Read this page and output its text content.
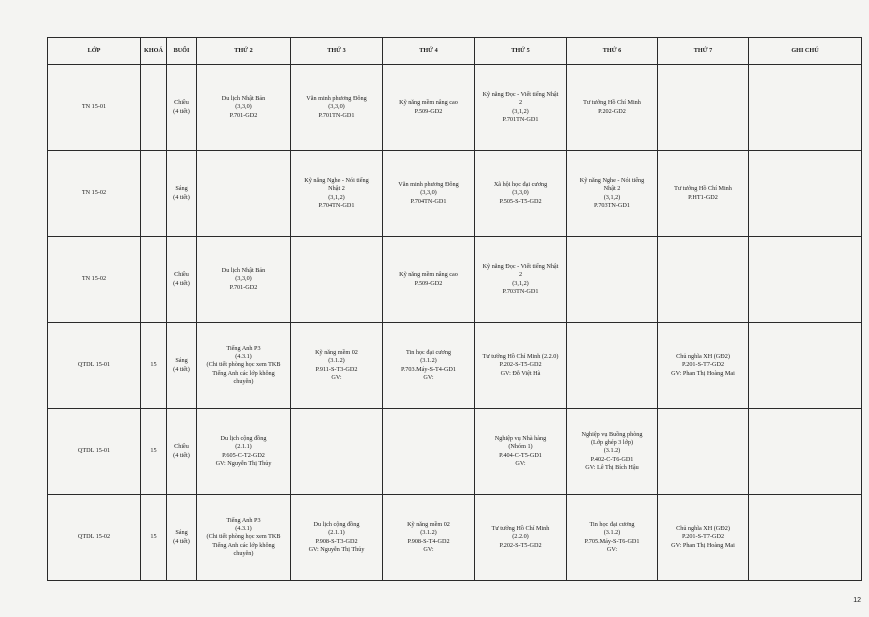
LỚP	KHOÁ	BUỔI	THỨ 2	THỨ 3	THỨ 4	THỨ 5	THỨ 6	THỨ 7	GHI CHÚ
TN 15-01		Chiều
(4 tiết)	Du lịch Nhật Bản
(3,3,0)
P.701-GD2	Văn minh phương Đông
(3,3,0)
P.701TN-GD1	Kỹ năng mềm nâng cao
P.509-GD2	Kỹ năng Đọc - Viết tiếng Nhật
2
(3,1,2)
P.701TN-GD1	Tư tưởng Hồ Chí Minh
P.202-GD2		

TN 15-02		Sáng
(4 tiết)		Kỹ năng Nghe - Nói tiếng
Nhật 2
(3,1,2)
P.704TN-GD1	Văn minh phương Đông
(3,3,0)
P.704TN-GD1	Xã hội học đại cương
(3,3,0)
P.505-S-T5-GD2	Kỹ năng Nghe - Nói tiếng
Nhật 2
(3,1,2)
P.703TN-GD1	Tư tưởng Hồ Chí Minh
P.HT1-GD2	

TN 15-02		Chiều
(4 tiết)	Du lịch Nhật Bản
(3,3,0)
P.701-GD2		Kỹ năng mềm nâng cao
P.509-GD2	Kỹ năng Đọc - Viết tiếng Nhật
2
(3,1,2)
P.703TN-GD1			

QTDL 15-01	15	Sáng
(4 tiết)	Tiếng Anh P3
(4.3.1)
(Chi tiết phòng học xem TKB
Tiếng Anh các lớp không
chuyên)	Kỹ năng mềm 02
(3.1.2)
P.911-S-T3-GD2
GV:	Tin học đại cương
(3.1.2)
P.703.Máy-S-T4-GD1
GV:	Tư tưởng Hồ Chí Minh (2.2.0)
P.202-S-T5-GD2
GV: Đỗ Việt Hà		Chủ nghĩa XH (GĐ2)
P.201-S-T7-GD2
GV: Phan Thị Hoàng Mai	

QTDL 15-01	15	Chiều
(4 tiết)	Du lịch cộng đồng
(2.1.1)
P.605-C-T2-GD2
GV: Nguyễn Thị Thủy			Nghiệp vụ Nhà hàng
(Nhóm 1)
P.404-C-T5-GD1
GV:	Nghiệp vụ Buồng phòng
(Lớp ghép 3 lớp)
(3.1.2)
P.402-C-T6-GD1
GV: Lê Thị Bích Hậu		

QTDL 15-02	15	Sáng
(4 tiết)	Tiếng Anh P3
(4.3.1)
(Chi tiết phòng học xem TKB
Tiếng Anh các lớp không
chuyên)	Du lịch cộng đồng
(2.1.1)
P.908-S-T3-GD2
GV: Nguyễn Thị Thủy	Kỹ năng mềm 02
(3.1.2)
P.908-S-T4-GD2
GV:	Tư tưởng Hồ Chí Minh
(2.2.0)
P.202-S-T5-GD2	Tin học đại cương
(3.1.2)
P.705.Máy-S-T6-GD1
GV:	Chủ nghĩa XH (GĐ2)
P.201-S-T7-GD2
GV: Phan Thị Hoàng Mai	

12
